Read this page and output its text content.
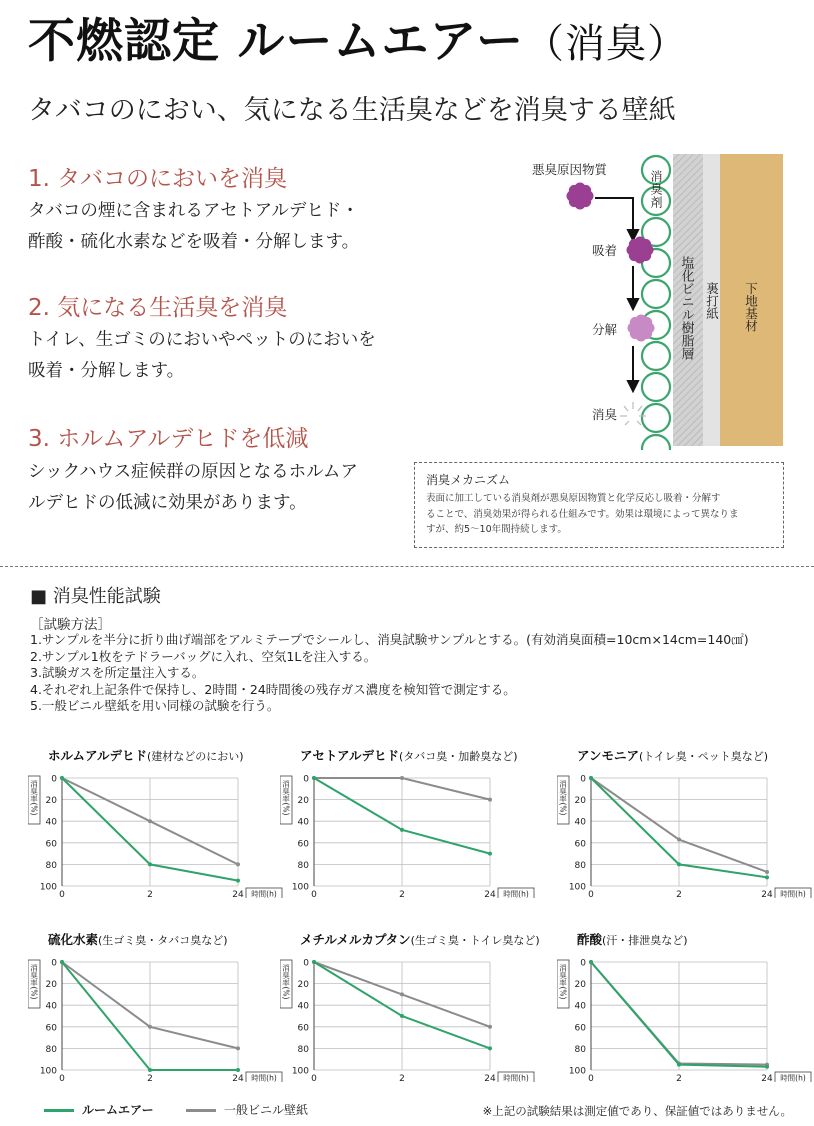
不燃認定 ルームエアー（消臭）
タバコのにおい、気になる生活臭などを消臭する壁紙
1. タバコのにおいを消臭
タバコの煙に含まれるアセトアルデヒド・
酢酸・硫化水素などを吸着・分解します。
2. 気になる生活臭を消臭
トイレ、生ゴミのにおいやペットのにおいを
吸着・分解します。
3. ホルムアルデヒドを低減
シックハウス症候群の原因となるホルムア
ルデヒドの低減に効果があります。
悪臭原因物質
吸着
分解
消臭
消臭剤
塩化ビニル樹脂層 裏打紙 下地基材
消臭メカニズム
表面に加工している消臭剤が悪臭原因物質と化学反応し吸着・分解す
ることで、消臭効果が得られる仕組みです。効果は環境によって異なりま
すが、約5〜10年間持続します。
■ 消臭性能試験
［試験方法］
1.サンプルを半分に折り曲げ端部をアルミテープでシールし、消臭試験サンプルとする。(有効消臭面積=10cm×14cm=140㎠)
2.サンプル1枚をテドラーバッグに入れ、空気1Lを注入する。
3.試験ガスを所定量注入する。
4.それぞれ上記条件で保持し、2時間・24時間後の残存ガス濃度を検知管で測定する。
5.一般ビニル壁紙を用い同様の試験を行う。
ホルムアルデヒド(建材などのにおい)
0
20
40
60
80
100
0	2	24 時間(h)
消臭率(%)
アセトアルデヒド(タバコ臭・加齢臭など)
0
20
40
60
80
100
0	2	24 時間(h)
消臭率(%)
アンモニア(トイレ臭・ペット臭など)
0
20
40
60
80
100
0	2	24 時間(h)
消臭率(%)
硫化水素(生ゴミ臭・タバコ臭など)
0
20
40
60
80
100
0	2	24 時間(h)
消臭率(%)
メチルメルカプタン(生ゴミ臭・トイレ臭など)
0
20
40
60
80
100
0	2	24 時間(h)
消臭率(%)
酢酸(汗・排泄臭など)
0
20
40
60
80
100
0	2	24 時間(h)
消臭率(%)
ルームエアー	一般ビニル壁紙	※上記の試験結果は測定値であり、保証値ではありません。
